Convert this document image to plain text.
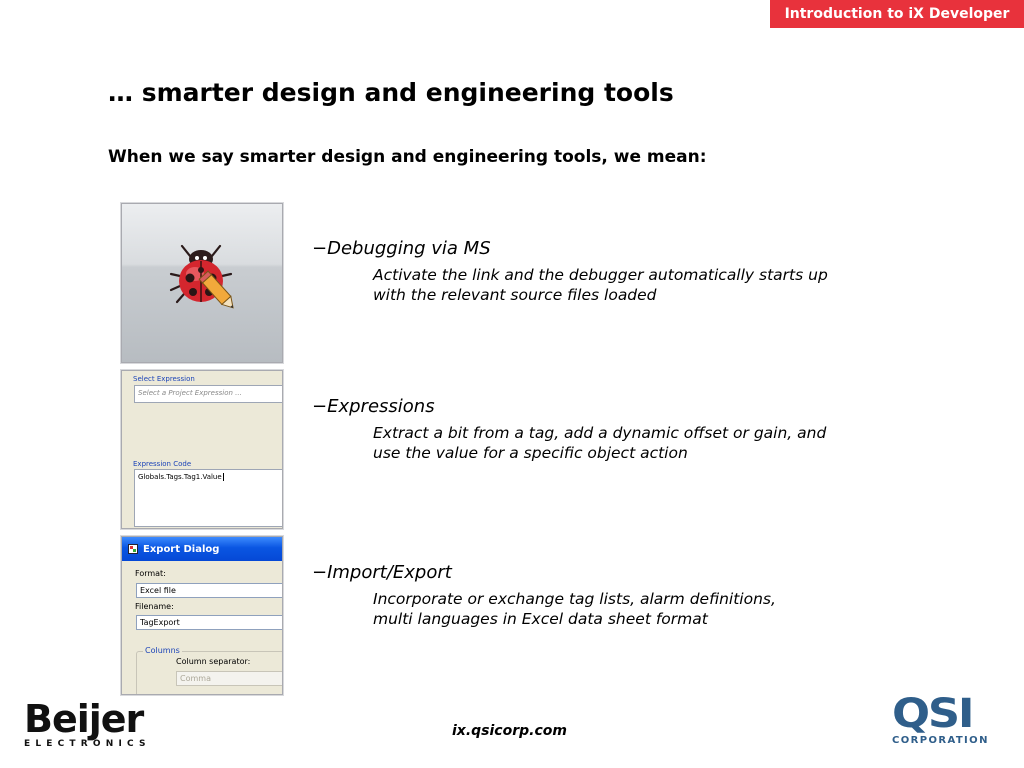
Introduction to iX Developer
… smarter design and engineering tools
When we say smarter design and engineering tools, we mean:
Select Expression
Select a Project Expression ...
Expression Code
Globals.Tags.Tag1.Value
Export Dialog
Format:
Excel file
Filename:
TagExport
Columns
Column separator:
Comma
−Debugging via MS
Activate the link and the debugger automatically starts up with the relevant source files loaded
−Expressions
Extract a bit from a tag, add a dynamic offset or gain, and use the value for a specific object action
−Import/Export
Incorporate or exchange tag lists, alarm definitions, multi languages in Excel data sheet format
Beijer
ELECTRONICS
ix.qsicorp.com	QSI
CORPORATION
